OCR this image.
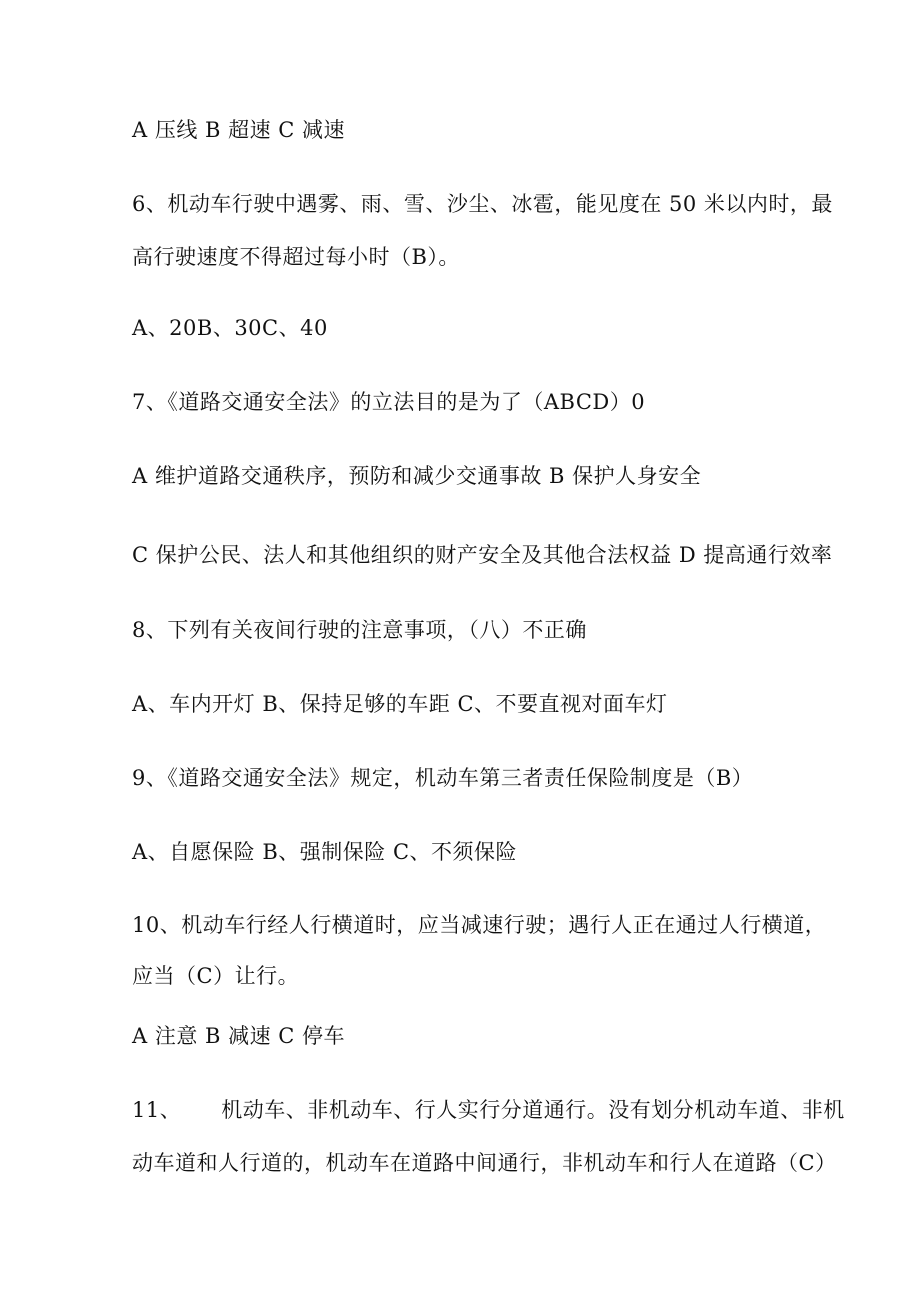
A 压线 B 超速 C 减速
6、机动车行驶中遇雾、雨、雪、沙尘、冰雹，能见度在 50 米以内时，最
高行驶速度不得超过每小时（B）。
A、20B、30C、40
7、《道路交通安全法》的立法目的是为了（ABCD）0
A 维护道路交通秩序，预防和减少交通事故 B 保护人身安全
C 保护公民、法人和其他组织的财产安全及其他合法权益 D 提高通行效率
8、下列有关夜间行驶的注意事项，（八）不正确
A、车内开灯 B、保持足够的车距 C、不要直视对面车灯
9、《道路交通安全法》规定，机动车第三者责任保险制度是（B）
A、自愿保险 B、强制保险 C、不须保险
10、机动车行经人行横道时，应当减速行驶；遇行人正在通过人行横道，
应当（C）让行。
A 注意 B 减速 C 停车
11、 机动车、非机动车、行人实行分道通行。没有划分机动车道、非机
动车道和人行道的，机动车在道路中间通行，非机动车和行人在道路（C）
